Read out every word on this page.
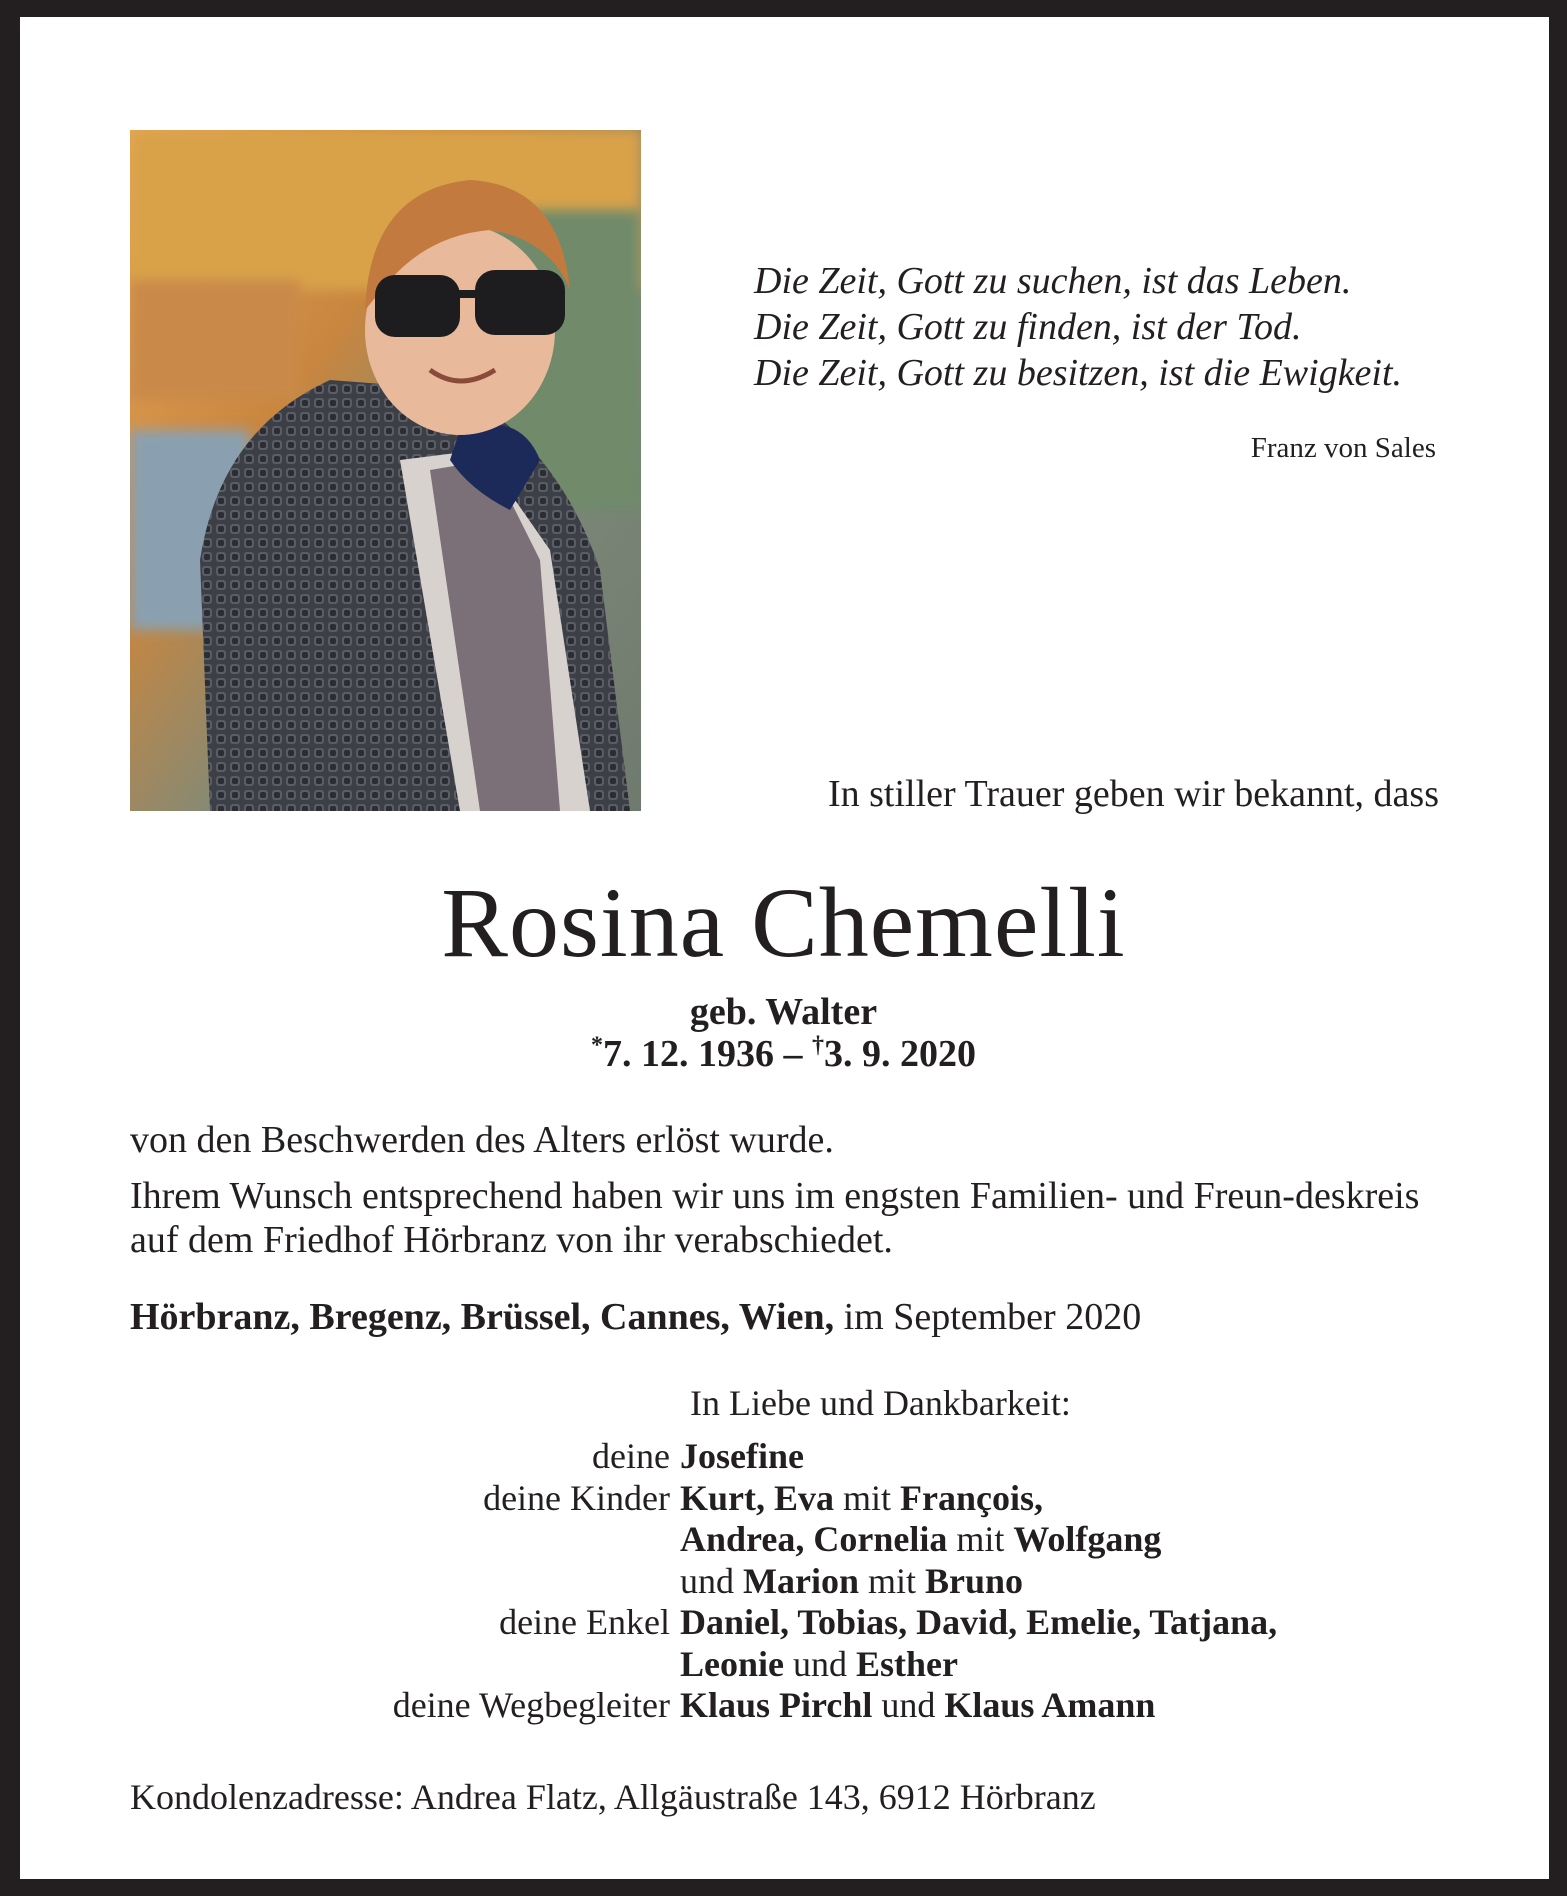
Die Zeit, Gott zu suchen, ist das Leben.
Die Zeit, Gott zu finden, ist der Tod.
Die Zeit, Gott zu besitzen, ist die Ewigkeit.
Franz von Sales
In stiller Trauer geben wir bekannt, dass
Rosina Chemelli
geb. Walter
*7. 12. 1936 – †3. 9. 2020

von den Beschwerden des Alters erlöst wurde.

Ihrem Wunsch entsprechend haben wir uns im engsten Familien- und Freun-deskreis auf dem Friedhof Hörbranz von ihr verabschiedet.

Hörbranz, Bregenz, Brüssel, Cannes, Wien, im September 2020
In Liebe und Dankbarkeit:
deine Josefine
deine Kinder Kurt, Eva mit François,
Andrea, Cornelia mit Wolfgang
und Marion mit Bruno
deine Enkel Daniel, Tobias, David, Emelie, Tatjana,
Leonie und Esther
deine Wegbegleiter Klaus Pirchl und Klaus Amann
Kondolenzadresse: Andrea Flatz, Allgäustraße 143, 6912 Hörbranz
